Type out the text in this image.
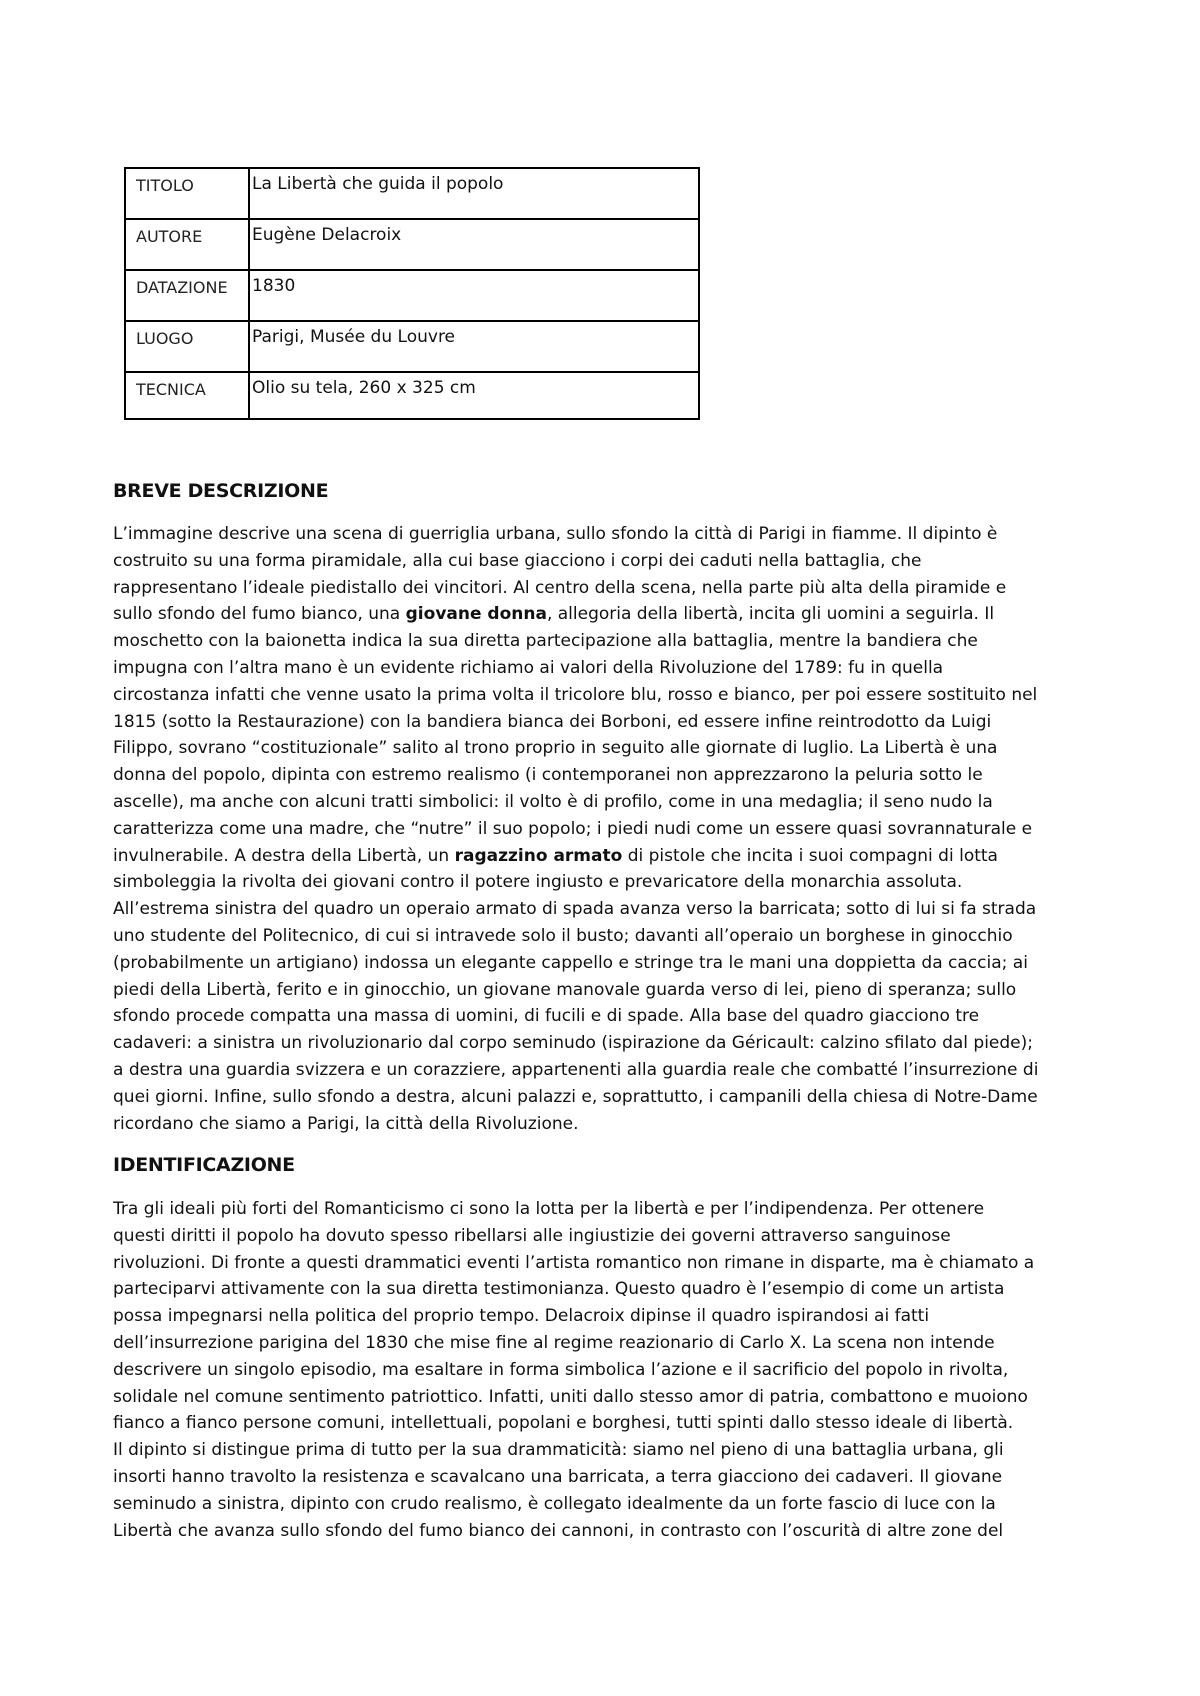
TITOLO	La Libertà che guida il popolo
AUTORE	Eugène Delacroix
DATAZIONE	1830
LUOGO	Parigi, Musée du Louvre
TECNICA	Olio su tela, 260 x 325 cm
BREVE DESCRIZIONE
L’immagine descrive una scena di guerriglia urbana, sullo sfondo la città di Parigi in fiamme. Il dipinto è
costruito su una forma piramidale, alla cui base giacciono i corpi dei caduti nella battaglia, che
rappresentano l’ideale piedistallo dei vincitori. Al centro della scena, nella parte più alta della piramide e
sullo sfondo del fumo bianco, una giovane donna, allegoria della libertà, incita gli uomini a seguirla. Il
moschetto con la baionetta indica la sua diretta partecipazione alla battaglia, mentre la bandiera che
impugna con l’altra mano è un evidente richiamo ai valori della Rivoluzione del 1789: fu in quella
circostanza infatti che venne usato la prima volta il tricolore blu, rosso e bianco, per poi essere sostituito nel
1815 (sotto la Restaurazione) con la bandiera bianca dei Borboni, ed essere infine reintrodotto da Luigi
Filippo, sovrano “costituzionale” salito al trono proprio in seguito alle giornate di luglio. La Libertà è una
donna del popolo, dipinta con estremo realismo (i contemporanei non apprezzarono la peluria sotto le
ascelle), ma anche con alcuni tratti simbolici: il volto è di profilo, come in una medaglia; il seno nudo la
caratterizza come una madre, che “nutre” il suo popolo; i piedi nudi come un essere quasi sovrannaturale e
invulnerabile. A destra della Libertà, un ragazzino armato di pistole che incita i suoi compagni di lotta
simboleggia la rivolta dei giovani contro il potere ingiusto e prevaricatore della monarchia assoluta.
All’estrema sinistra del quadro un operaio armato di spada avanza verso la barricata; sotto di lui si fa strada
uno studente del Politecnico, di cui si intravede solo il busto; davanti all’operaio un borghese in ginocchio
(probabilmente un artigiano) indossa un elegante cappello e stringe tra le mani una doppietta da caccia; ai
piedi della Libertà, ferito e in ginocchio, un giovane manovale guarda verso di lei, pieno di speranza; sullo
sfondo procede compatta una massa di uomini, di fucili e di spade. Alla base del quadro giacciono tre
cadaveri: a sinistra un rivoluzionario dal corpo seminudo (ispirazione da Géricault: calzino sfilato dal piede);
a destra una guardia svizzera e un corazziere, appartenenti alla guardia reale che combatté l’insurrezione di
quei giorni. Infine, sullo sfondo a destra, alcuni palazzi e, soprattutto, i campanili della chiesa di Notre-Dame
ricordano che siamo a Parigi, la città della Rivoluzione.
IDENTIFICAZIONE
Tra gli ideali più forti del Romanticismo ci sono la lotta per la libertà e per l’indipendenza. Per ottenere
questi diritti il popolo ha dovuto spesso ribellarsi alle ingiustizie dei governi attraverso sanguinose
rivoluzioni. Di fronte a questi drammatici eventi l’artista romantico non rimane in disparte, ma è chiamato a
parteciparvi attivamente con la sua diretta testimonianza. Questo quadro è l’esempio di come un artista
possa impegnarsi nella politica del proprio tempo. Delacroix dipinse il quadro ispirandosi ai fatti
dell’insurrezione parigina del 1830 che mise fine al regime reazionario di Carlo X. La scena non intende
descrivere un singolo episodio, ma esaltare in forma simbolica l’azione e il sacrificio del popolo in rivolta,
solidale nel comune sentimento patriottico. Infatti, uniti dallo stesso amor di patria, combattono e muoiono
fianco a fianco persone comuni, intellettuali, popolani e borghesi, tutti spinti dallo stesso ideale di libertà.
Il dipinto si distingue prima di tutto per la sua drammaticità: siamo nel pieno di una battaglia urbana, gli
insorti hanno travolto la resistenza e scavalcano una barricata, a terra giacciono dei cadaveri. Il giovane
seminudo a sinistra, dipinto con crudo realismo, è collegato idealmente da un forte fascio di luce con la
Libertà che avanza sullo sfondo del fumo bianco dei cannoni, in contrasto con l’oscurità di altre zone del
